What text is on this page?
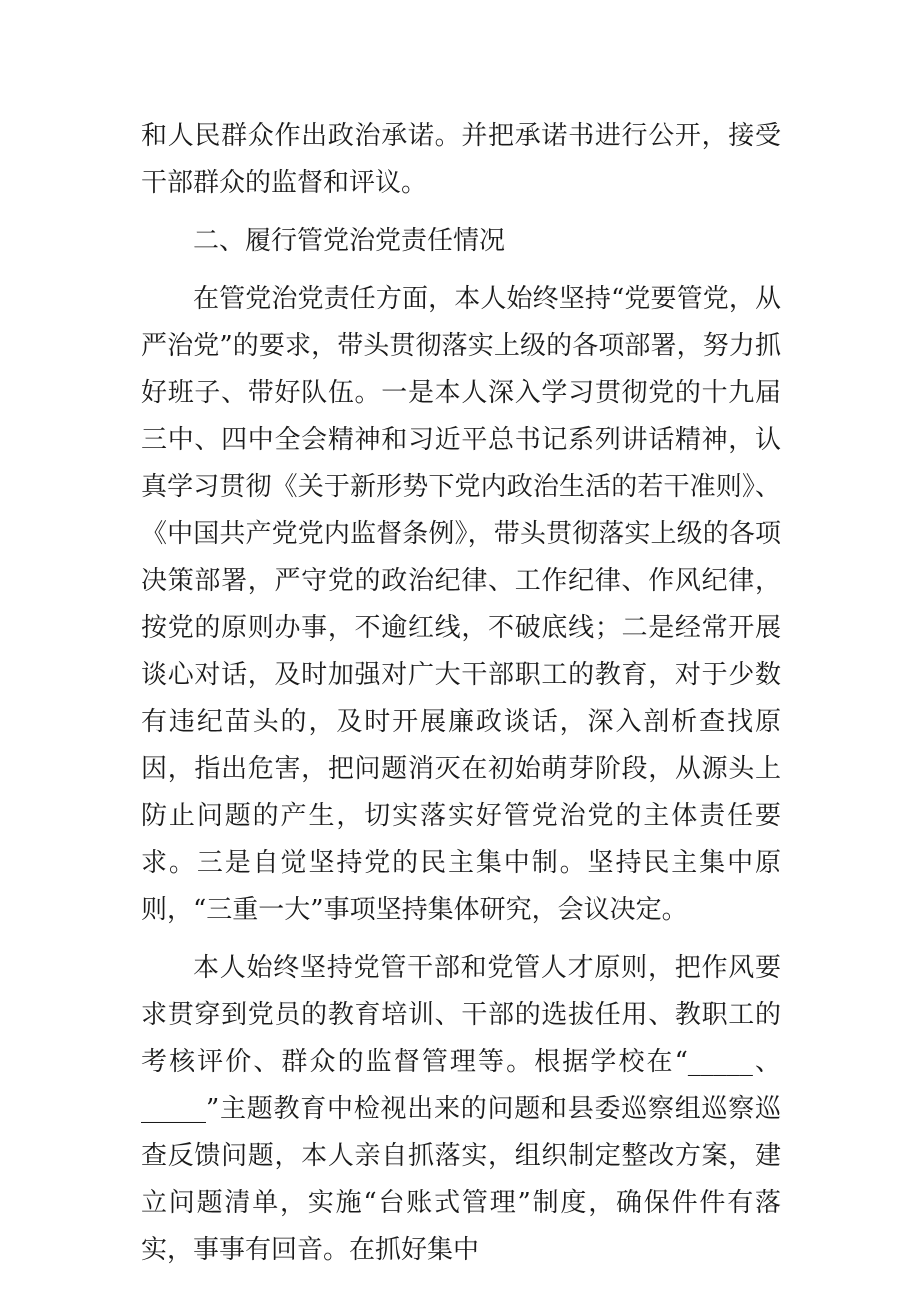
和人民群众作出政治承诺。并把承诺书进行公开，接受干部群众的监督和评议。

二、履行管党治党责任情况

在管党治党责任方面，本人始终坚持“党要管党，从严治党”的要求，带头贯彻落实上级的各项部署，努力抓好班子、带好队伍。一是本人深入学习贯彻党的十九届三中、四中全会精神和习近平总书记系列讲话精神，认真学习贯彻《关于新形势下党内政治生活的若干准则》、《中国共产党党内监督条例》，带头贯彻落实上级的各项决策部署，严守党的政治纪律、工作纪律、作风纪律，按党的原则办事，不逾红线，不破底线；二是经常开展谈心对话，及时加强对广大干部职工的教育，对于少数有违纪苗头的，及时开展廉政谈话，深入剖析查找原因，指出危害，把问题消灭在初始萌芽阶段，从源头上防止问题的产生，切实落实好管党治党的主体责任要求。三是自觉坚持党的民主集中制。坚持民主集中原则，“三重一大”事项坚持集体研究，会议决定。

本人始终坚持党管干部和党管人才原则，把作风要求贯穿到党员的教育培训、干部的选拔任用、教职工的考核评价、群众的监督管理等。根据学校在“_____、_____”主题教育中检视出来的问题和县委巡察组巡察巡查反馈问题，本人亲自抓落实，组织制定整改方案，建立问题清单，实施“台账式管理”制度，确保件件有落实，事事有回音。在抓好集中
